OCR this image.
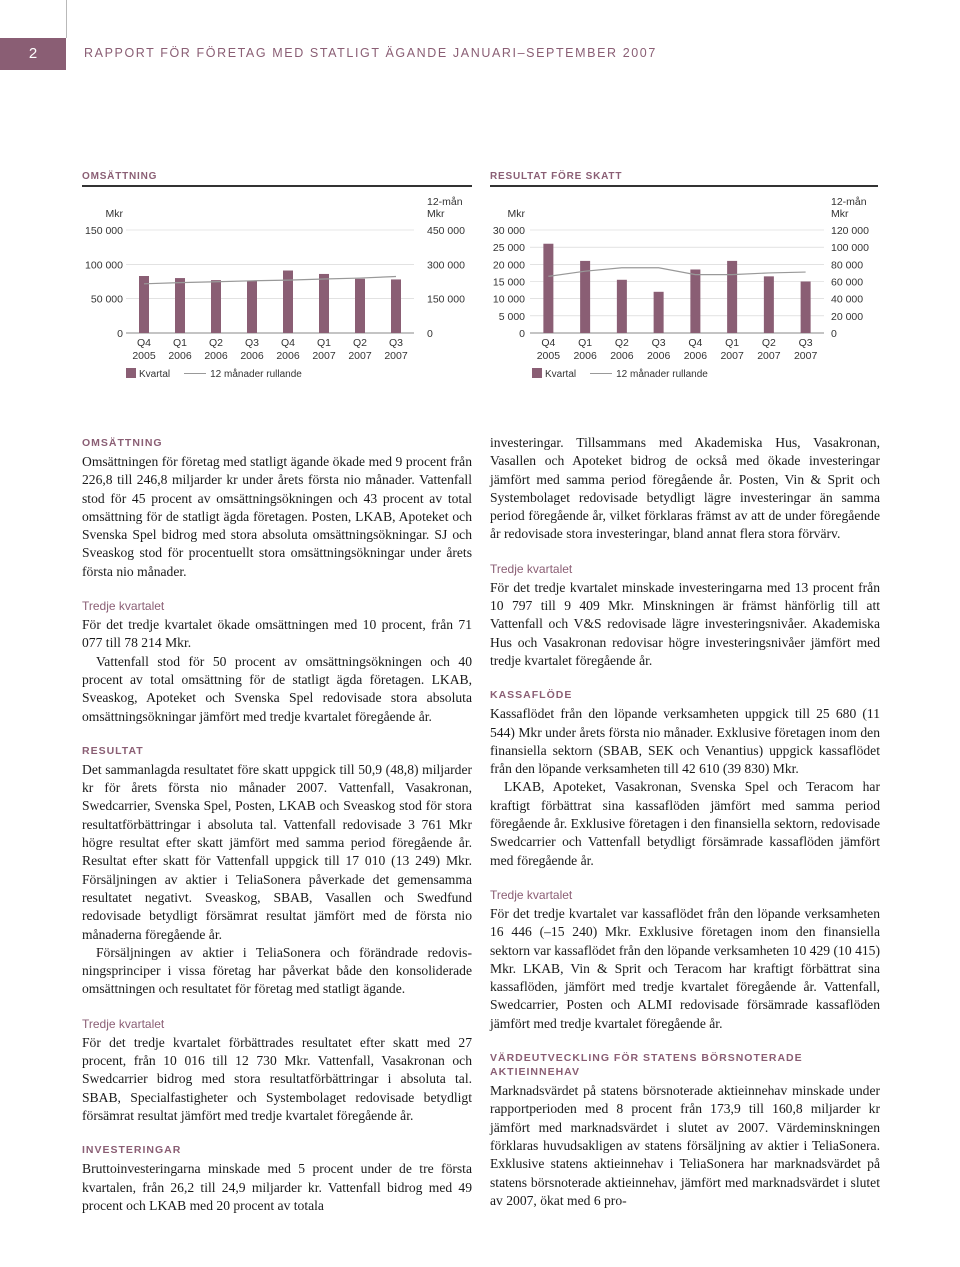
2	RAPPORT FÖR FÖRETAG MED STATLIGT ÄGANDE JANUARI–SEPTEMBER 2007
OMSÄTTNING
Mkr
12-mån
Mkr
0	0
50 000	150 000
100 000	300 000
150 000	450 000
Q4
2005
Q1
2006
Q2
2006
Q3
2006
Q4
2006
Q1
2007
Q2
2007
Q3
2007
Kvartal	12 månader rullande
RESULTAT FÖRE SKATT
Mkr
12-mån
Mkr
0	0
5 000	20 000
10 000	40 000
15 000	60 000
20 000	80 000
25 000	100 000
30 000	120 000
Q4
2005
Q1
2006
Q2
2006
Q3
2006
Q4
2006
Q1
2007
Q2
2007
Q3
2007
Kvartal	12 månader rullande
OMSÄTTNING

Omsättningen för företag med statligt ägande ökade med 9 procent från 226,8 till 246,8 miljarder kr under årets första nio månader. Vattenfall stod för 45 procent av omsättningsökningen och 43 procent av total omsättning för de statligt ägda företagen. Posten, LKAB, Apoteket och Svenska Spel bidrog med stora absoluta omsättningsökningar. SJ och Sveaskog stod för procentuellt stora omsättningsökningar under årets första nio månader.

Tredje kvartalet

För det tredje kvartalet ökade omsättningen med 10 procent, från 71 077 till 78 214 Mkr.

Vattenfall stod för 50 procent av omsättningsökningen och 40 procent av total omsättning för de statligt ägda företagen. LKAB, Sveaskog, Apoteket och Svenska Spel redovisade stora absoluta omsättningsökningar jämfört med tredje kvartalet föregående år.

RESULTAT

Det sammanlagda resultatet före skatt uppgick till 50,9 (48,8) miljarder kr för årets första nio månader 2007. Vattenfall, Vasakronan, Swedcarrier, Svenska Spel, Posten, LKAB och Sveaskog stod för stora resultatförbättringar i absoluta tal. Vattenfall redovisade 3 761 Mkr högre resultat efter skatt jämfört med samma period föregående år. Resultat efter skatt för Vattenfall uppgick till 17 010 (13 249) Mkr. Försäljningen av aktier i TeliaSonera påverkade det gemensamma resultatet negativt. Sveaskog, SBAB, Vasallen och Swedfund redovisade betydligt försämrat resultat jämfört med de första nio månaderna föregående år.

Försäljningen av aktier i TeliaSonera och förändrade redovisningsprinciper i vissa företag har påverkat både den konsoliderade omsättningen och resultatet för företag med statligt ägande.

Tredje kvartalet

För det tredje kvartalet förbättrades resultatet efter skatt med 27 procent, från 10 016 till 12 730 Mkr. Vattenfall, Vasakronan och Swedcarrier bidrog med stora resultatförbättringar i absoluta tal. SBAB, Specialfastigheter och Systembolaget redovisade betydligt försämrat resultat jämfört med tredje kvartalet föregående år.

INVESTERINGAR

Bruttoinvesteringarna minskade med 5 procent under de tre första kvartalen, från 26,2 till 24,9 miljarder kr. Vattenfall bidrog med 49 procent och LKAB med 20 procent av totala

investeringar. Tillsammans med Akademiska Hus, Vasakronan, Vasallen och Apoteket bidrog de också med ökade investeringar jämfört med samma period föregående år. Posten, Vin & Sprit och Systembolaget redovisade betydligt lägre investeringar än samma period föregående år, vilket förklaras främst av att de under föregående år redovisade stora investeringar, bland annat flera stora förvärv.

Tredje kvartalet

För det tredje kvartalet minskade investeringarna med 13 procent från 10 797 till 9 409 Mkr. Minskningen är främst hänförlig till att Vattenfall och V&S redovisade lägre investeringsnivåer. Akademiska Hus och Vasakronan redovisar högre investeringsnivåer jämfört med tredje kvartalet föregående år.

KASSAFLÖDE

Kassaflödet från den löpande verksamheten uppgick till 25 680 (11 544) Mkr under årets första nio månader. Exklusive företagen inom den finansiella sektorn (SBAB, SEK och Venantius) uppgick kassaflödet från den löpande verksamheten till 42 610 (39 830) Mkr.

LKAB, Apoteket, Vasakronan, Svenska Spel och Teracom har kraftigt förbättrat sina kassaflöden jämfört med samma period föregående år. Exklusive företagen i den finansiella sektorn, redovisade Swedcarrier och Vattenfall betydligt försämrade kassaflöden jämfört med föregående år.

Tredje kvartalet

För det tredje kvartalet var kassaflödet från den löpande verksamheten 16 446 (–15 240) Mkr. Exklusive företagen inom den finansiella sektorn var kassaflödet från den löpande verksamheten 10 429 (10 415) Mkr. LKAB, Vin & Sprit och Teracom har kraftigt förbättrat sina kassaflöden, jämfört med tredje kvartalet föregående år. Vattenfall, Swedcarrier, Posten och ALMI redovisade försämrade kassaflöden jämfört med tredje kvartalet föregående år.

VÄRDEUTVECKLING FÖR STATENS BÖRSNOTERADE AKTIEINNEHAV

Marknadsvärdet på statens börsnoterade aktieinnehav minskade under rapportperioden med 8 procent från 173,9 till 160,8 miljarder kr jämfört med marknadsvärdet i slutet av 2007. Värdeminskningen förklaras huvudsakligen av statens försäljning av aktier i TeliaSonera. Exklusive statens aktieinnehav i TeliaSonera har marknadsvärdet på statens börsnoterade aktieinnehav, jämfört med marknadsvärdet i slutet av 2007, ökat med 6 pro-
